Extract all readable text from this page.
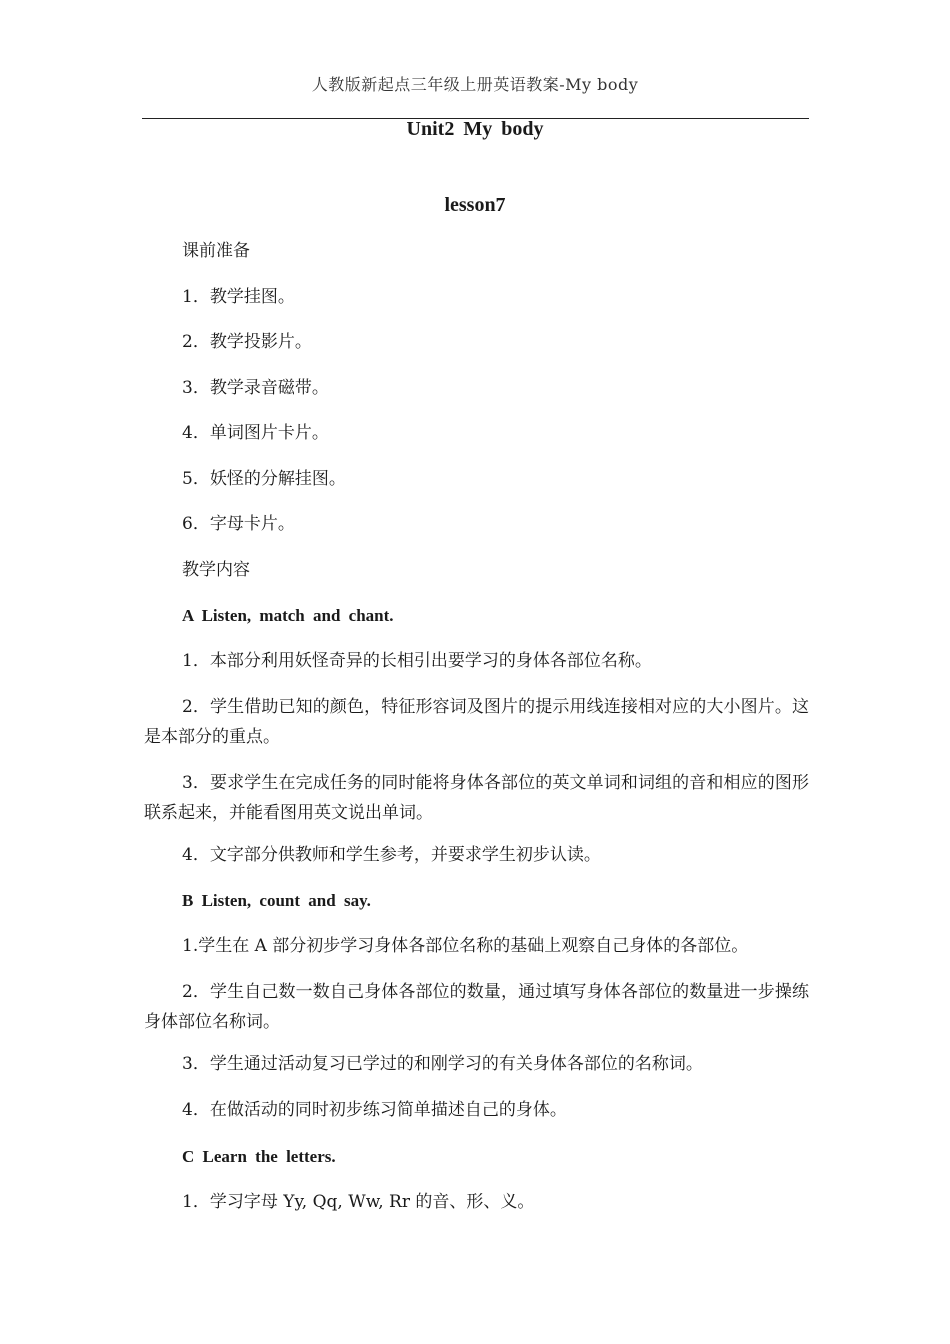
人教版新起点三年级上册英语教案-My body
Unit2 My body
lesson7
课前准备
1．教学挂图。
2．教学投影片。
3．教学录音磁带。
4．单词图片卡片。
5．妖怪的分解挂图。
6．字母卡片。
教学内容
A Listen, match and chant.
1．本部分利用妖怪奇异的长相引出要学习的身体各部位名称。
2．学生借助已知的颜色，特征形容词及图片的提示用线连接相对应的大小图片。这是本部分的重点。
3．要求学生在完成任务的同时能将身体各部位的英文单词和词组的音和相应的图形联系起来，并能看图用英文说出单词。
4．文字部分供教师和学生参考，并要求学生初步认读。
B Listen, count and say.
1.学生在 A 部分初步学习身体各部位名称的基础上观察自己身体的各部位。
2．学生自己数一数自己身体各部位的数量，通过填写身体各部位的数量进一步操练身体部位名称词。
3．学生通过活动复习已学过的和刚学习的有关身体各部位的名称词。
4．在做活动的同时初步练习简单描述自己的身体。
C Learn the letters.
1．学习字母 Yy, Qq, Ww, Rr 的音、形、义。
